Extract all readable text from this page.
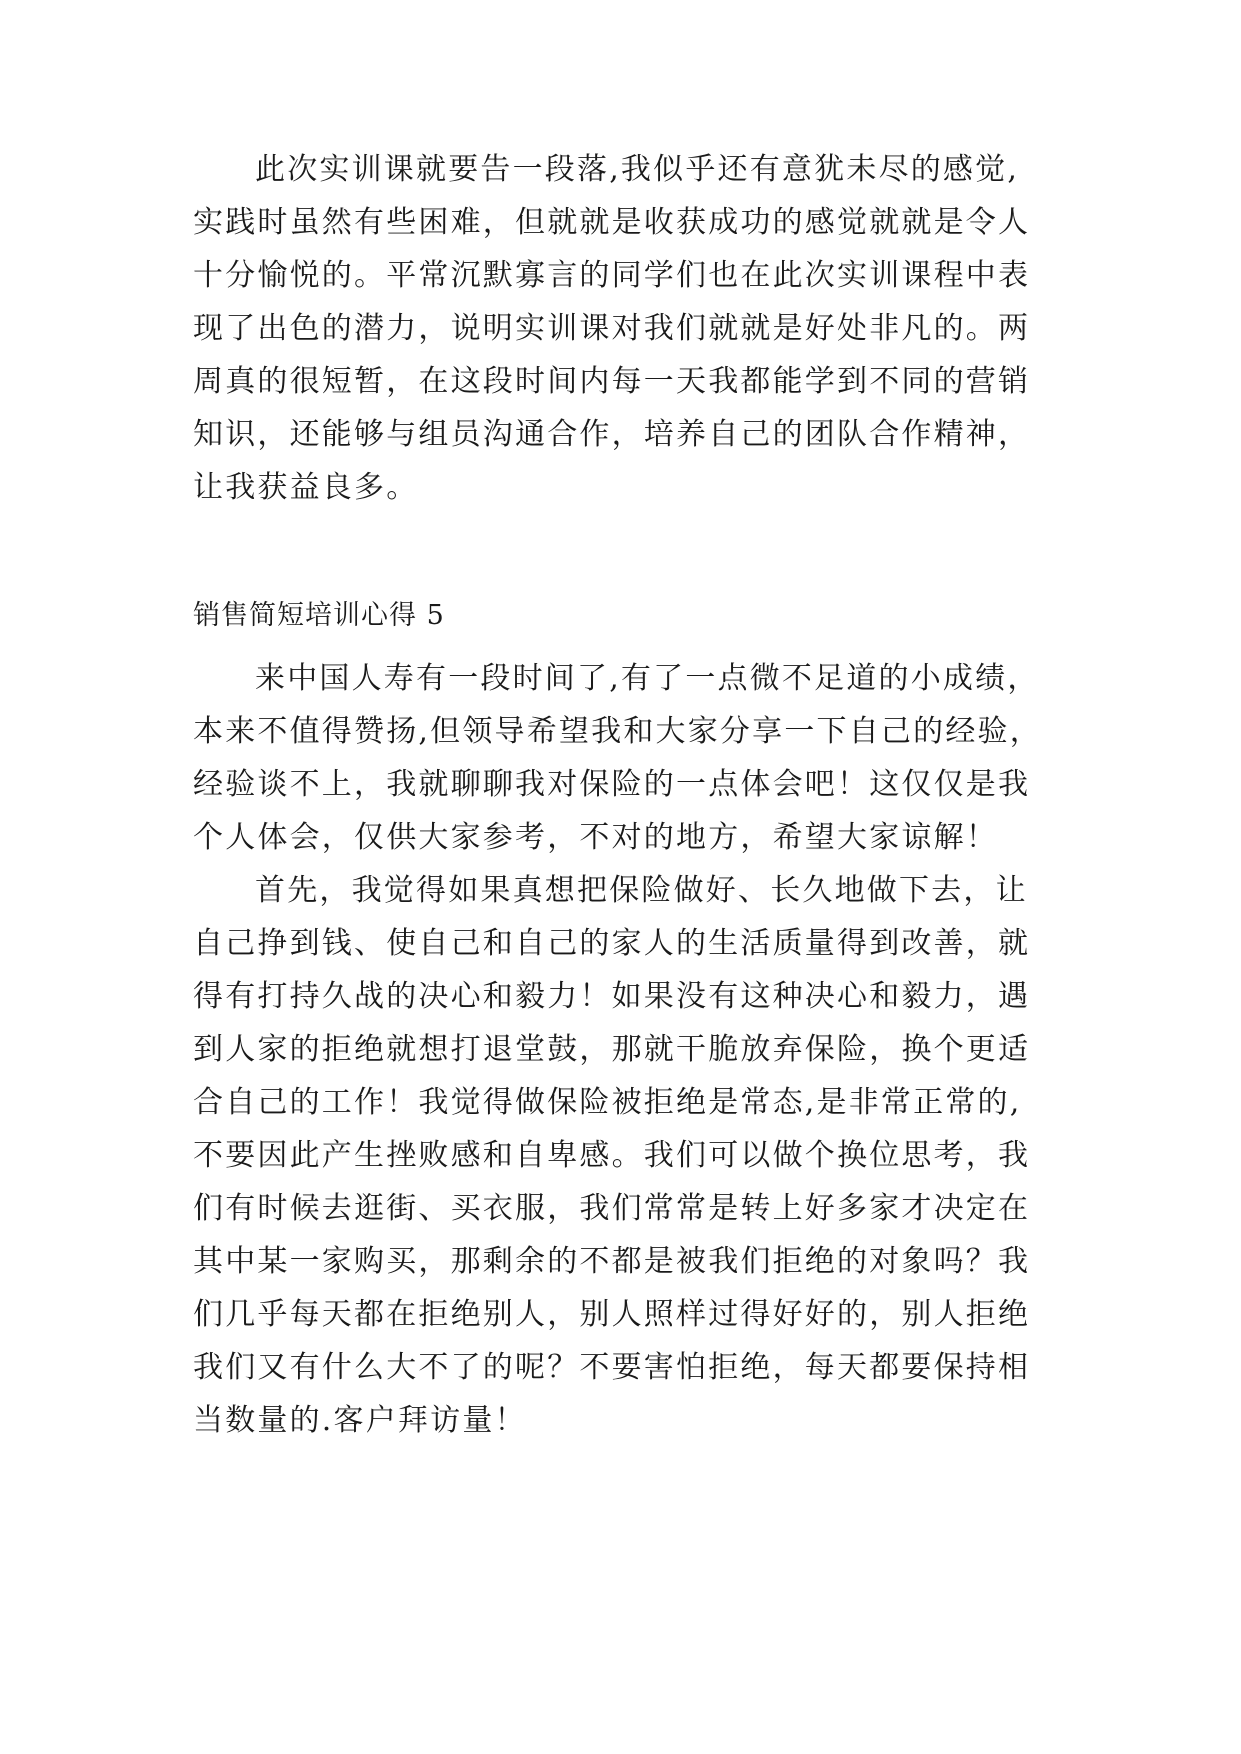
此次实训课就要告一段落,我似乎还有意犹未尽的感觉,
实践时虽然有些困难，但就就是收获成功的感觉就就是令人
十分愉悦的。平常沉默寡言的同学们也在此次实训课程中表
现了出色的潜力，说明实训课对我们就就是好处非凡的。两
周真的很短暂，在这段时间内每一天我都能学到不同的营销
知识，还能够与组员沟通合作，培养自己的团队合作精神，
让我获益良多。
销售简短培训心得 5
来中国人寿有一段时间了,有了一点微不足道的小成绩，
本来不值得赞扬,但领导希望我和大家分享一下自己的经验，
经验谈不上，我就聊聊我对保险的一点体会吧！这仅仅是我
个人体会，仅供大家参考，不对的地方，希望大家谅解！
首先，我觉得如果真想把保险做好、长久地做下去，让
自己挣到钱、使自己和自己的家人的生活质量得到改善，就
得有打持久战的决心和毅力！如果没有这种决心和毅力，遇
到人家的拒绝就想打退堂鼓，那就干脆放弃保险，换个更适
合自己的工作！我觉得做保险被拒绝是常态,是非常正常的,
不要因此产生挫败感和自卑感。我们可以做个换位思考，我
们有时候去逛街、买衣服，我们常常是转上好多家才决定在
其中某一家购买，那剩余的不都是被我们拒绝的对象吗？我
们几乎每天都在拒绝别人，别人照样过得好好的，别人拒绝
我们又有什么大不了的呢？不要害怕拒绝，每天都要保持相
当数量的.客户拜访量！
